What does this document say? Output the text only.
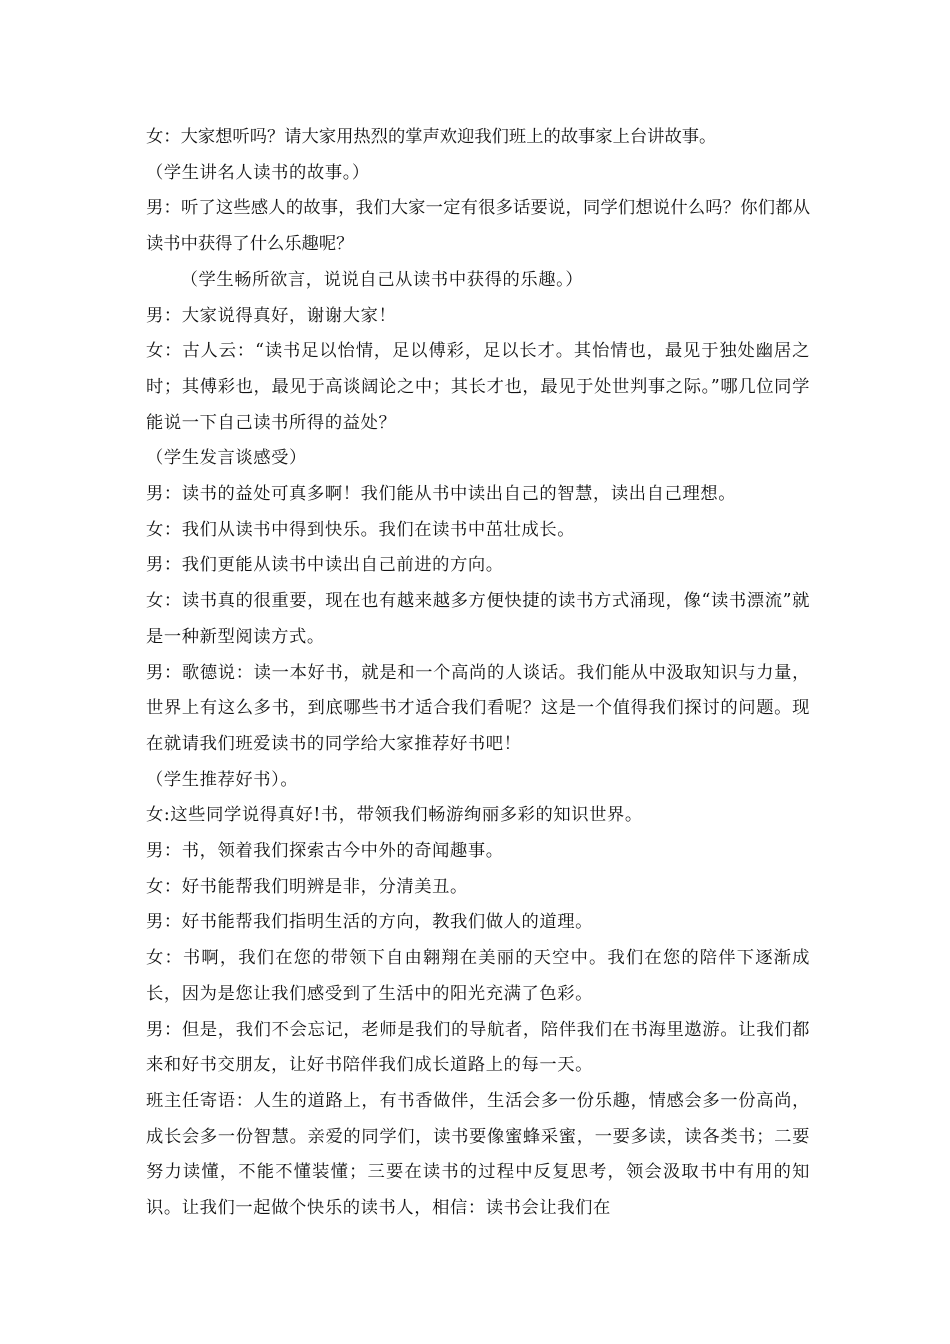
女：大家想听吗？请大家用热烈的掌声欢迎我们班上的故事家上台讲故事。

（学生讲名人读书的故事。）

男：听了这些感人的故事，我们大家一定有很多话要说，同学们想说什么吗？你们都从读书中获得了什么乐趣呢？

（学生畅所欲言，说说自己从读书中获得的乐趣。）

男：大家说得真好，谢谢大家！

女：古人云：“读书足以怡情，足以傅彩，足以长才。其怡情也，最见于独处幽居之时；其傅彩也，最见于高谈阔论之中；其长才也，最见于处世判事之际。”哪几位同学能说一下自己读书所得的益处？

（学生发言谈感受）

男：读书的益处可真多啊！我们能从书中读出自己的智慧，读出自己理想。

女：我们从读书中得到快乐。我们在读书中茁壮成长。

男：我们更能从读书中读出自己前进的方向。

女：读书真的很重要，现在也有越来越多方便快捷的读书方式涌现，像“读书漂流”就是一种新型阅读方式。

男：歌德说：读一本好书，就是和一个高尚的人谈话。我们能从中汲取知识与力量，世界上有这么多书，到底哪些书才适合我们看呢？这是一个值得我们探讨的问题。现在就请我们班爱读书的同学给大家推荐好书吧！

（学生推荐好书）。

女:这些同学说得真好!书，带领我们畅游绚丽多彩的知识世界。

男：书，领着我们探索古今中外的奇闻趣事。

女：好书能帮我们明辨是非，分清美丑。

男：好书能帮我们指明生活的方向，教我们做人的道理。

女：书啊，我们在您的带领下自由翱翔在美丽的天空中。我们在您的陪伴下逐渐成长，因为是您让我们感受到了生活中的阳光充满了色彩。

男：但是，我们不会忘记，老师是我们的导航者，陪伴我们在书海里遨游。让我们都来和好书交朋友，让好书陪伴我们成长道路上的每一天。

班主任寄语：人生的道路上，有书香做伴，生活会多一份乐趣，情感会多一份高尚，成长会多一份智慧。亲爱的同学们，读书要像蜜蜂采蜜，一要多读，读各类书；二要努力读懂，不能不懂装懂；三要在读书的过程中反复思考，领会汲取书中有用的知识。让我们一起做个快乐的读书人，相信：读书会让我们在
